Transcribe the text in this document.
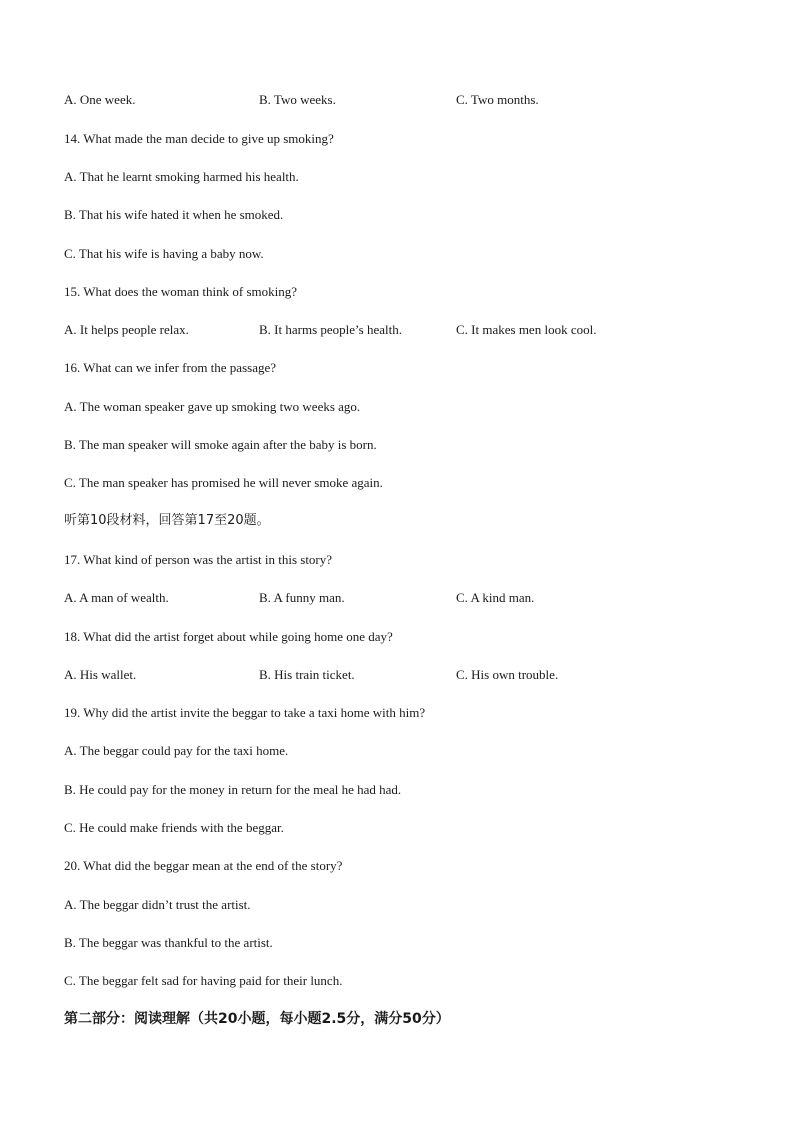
A. One week.	B. Two weeks.	C. Two months.
14. What made the man decide to give up smoking?
A. That he learnt smoking harmed his health.
B. That his wife hated it when he smoked.
C. That his wife is having a baby now.
15. What does the woman think of smoking?
A. It helps people relax.	B. It harms people’s health.	C. It makes men look cool.
16. What can we infer from the passage?
A. The woman speaker gave up smoking two weeks ago.
B. The man speaker will smoke again after the baby is born.
C. The man speaker has promised he will never smoke again.
听第10段材料，回答第17至20题。
17. What kind of person was the artist in this story?
A. A man of wealth.	B. A funny man.	C. A kind man.
18. What did the artist forget about while going home one day?
A. His wallet.	B. His train ticket.	C. His own trouble.
19. Why did the artist invite the beggar to take a taxi home with him?
A. The beggar could pay for the taxi home.
B. He could pay for the money in return for the meal he had had.
C. He could make friends with the beggar.
20. What did the beggar mean at the end of the story?
A. The beggar didn’t trust the artist.
B. The beggar was thankful to the artist.
C. The beggar felt sad for having paid for their lunch.
第二部分：阅读理解（共20小题，每小题2.5分，满分50分）
